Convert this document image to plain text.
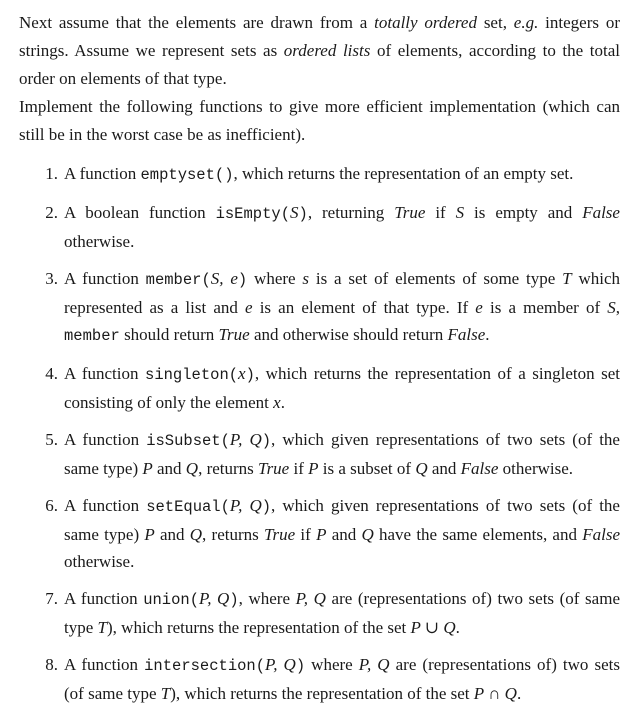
Next assume that the elements are drawn from a totally ordered set, e.g. integers or strings. Assume we represent sets as ordered lists of elements, according to the total order on elements of that type.

Implement the following functions to give more efficient implementation (which can still be in the worst case be as inefficient).

1. A function emptyset(), which returns the representation of an empty set.
2. A boolean function isEmpty(S), returning True if S is empty and False otherwise.
3. A function member(S, e) where s is a set of elements of some type T which represented as a list and e is an element of that type. If e is a member of S, member should return True and otherwise should return False.
4. A function singleton(x), which returns the representation of a singleton set consisting of only the element x.
5. A function isSubset(P, Q), which given representations of two sets (of the same type) P and Q, returns True if P is a subset of Q and False otherwise.
6. A function setEqual(P, Q), which given representations of two sets (of the same type) P and Q, returns True if P and Q have the same elements, and False otherwise.
7. A function union(P, Q), where P, Q are (representations of) two sets (of same type T), which returns the representation of the set P ∪ Q.
8. A function intersection(P, Q) where P, Q are (representations of) two sets (of same type T), which returns the representation of the set P ∩ Q.
